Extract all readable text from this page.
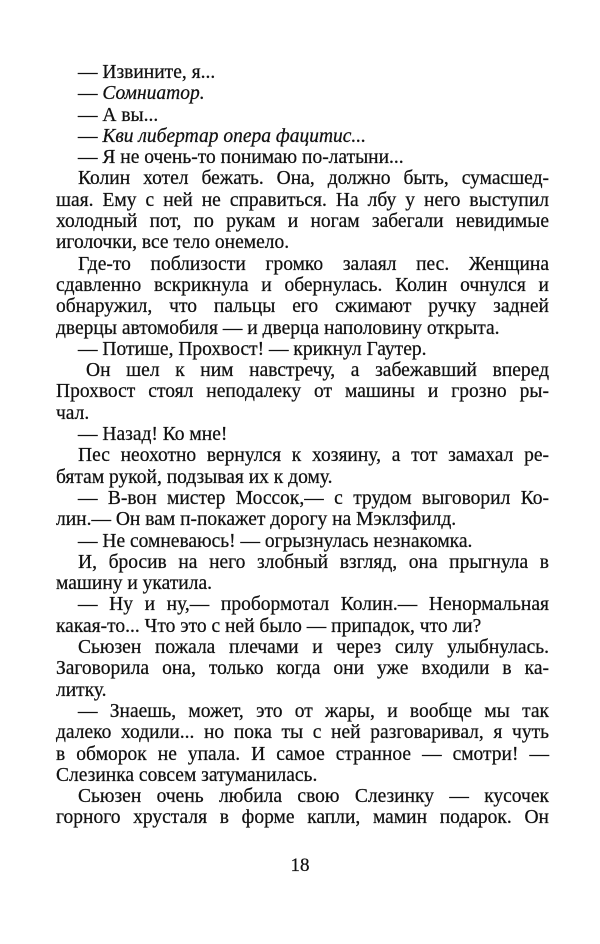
— Извините, я...
— Сомниатор.
— А вы...
— Кви либертар опера фацитис...
— Я не очень-то понимаю по-латыни...
Колин хотел бежать. Она, должно быть, сумасшед-
шая. Ему с ней не справиться. На лбу у него выступил
холодный пот, по рукам и ногам забегали невидимые
иголочки, все тело онемело.
Где-то поблизости громко залаял пес. Женщина
сдавленно вскрикнула и обернулась. Колин очнулся и
обнаружил, что пальцы его сжимают ручку задней
дверцы автомобиля — и дверца наполовину открыта.
— Потише, Прохвост! — крикнул Гаутер.
Он шел к ним навстречу, а забежавший вперед
Прохвост стоял неподалеку от машины и грозно ры-
чал.
— Назад! Ко мне!
Пес неохотно вернулся к хозяину, а тот замахал ре-
бятам рукой, подзывая их к дому.
— В-вон мистер Моссок,— с трудом выговорил Ко-
лин.— Он вам п-покажет дорогу на Мэклзфилд.
— Не сомневаюсь! — огрызнулась незнакомка.
И, бросив на него злобный взгляд, она прыгнула в
машину и укатила.
— Ну и ну,— пробормотал Колин.— Ненормальная
какая-то... Что это с ней было — припадок, что ли?
Сьюзен пожала плечами и через силу улыбнулась.
Заговорила она, только когда они уже входили в ка-
литку.
— Знаешь, может, это от жары, и вообще мы так
далеко ходили... но пока ты с ней разговаривал, я чуть
в обморок не упала. И самое странное — смотри! —
Слезинка совсем затуманилась.
Сьюзен очень любила свою Слезинку — кусочек
горного хрусталя в форме капли, мамин подарок. Он
18
